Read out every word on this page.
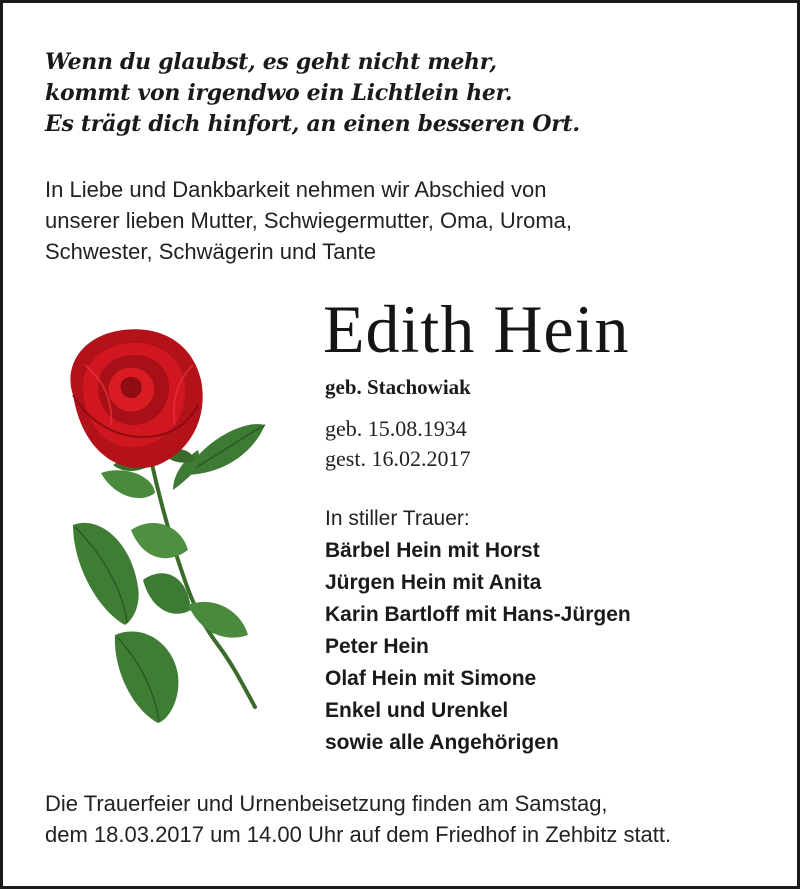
Wenn du glaubst, es geht nicht mehr,
kommt von irgendwo ein Lichtlein her.
Es trägt dich hinfort, an einen besseren Ort.
In Liebe und Dankbarkeit nehmen wir Abschied von
unserer lieben Mutter, Schwiegermutter, Oma, Uroma,
Schwester, Schwägerin und Tante
Edith Hein
geb. Stachowiak
geb. 15.08.1934
gest. 16.02.2017
In stiller Trauer:
Bärbel Hein mit Horst
Jürgen Hein mit Anita
Karin Bartloff mit Hans-Jürgen
Peter Hein
Olaf Hein mit Simone
Enkel und Urenkel
sowie alle Angehörigen
Die Trauerfeier und Urnenbeisetzung finden am Samstag,
dem 18.03.2017 um 14.00 Uhr auf dem Friedhof in Zehbitz statt.
